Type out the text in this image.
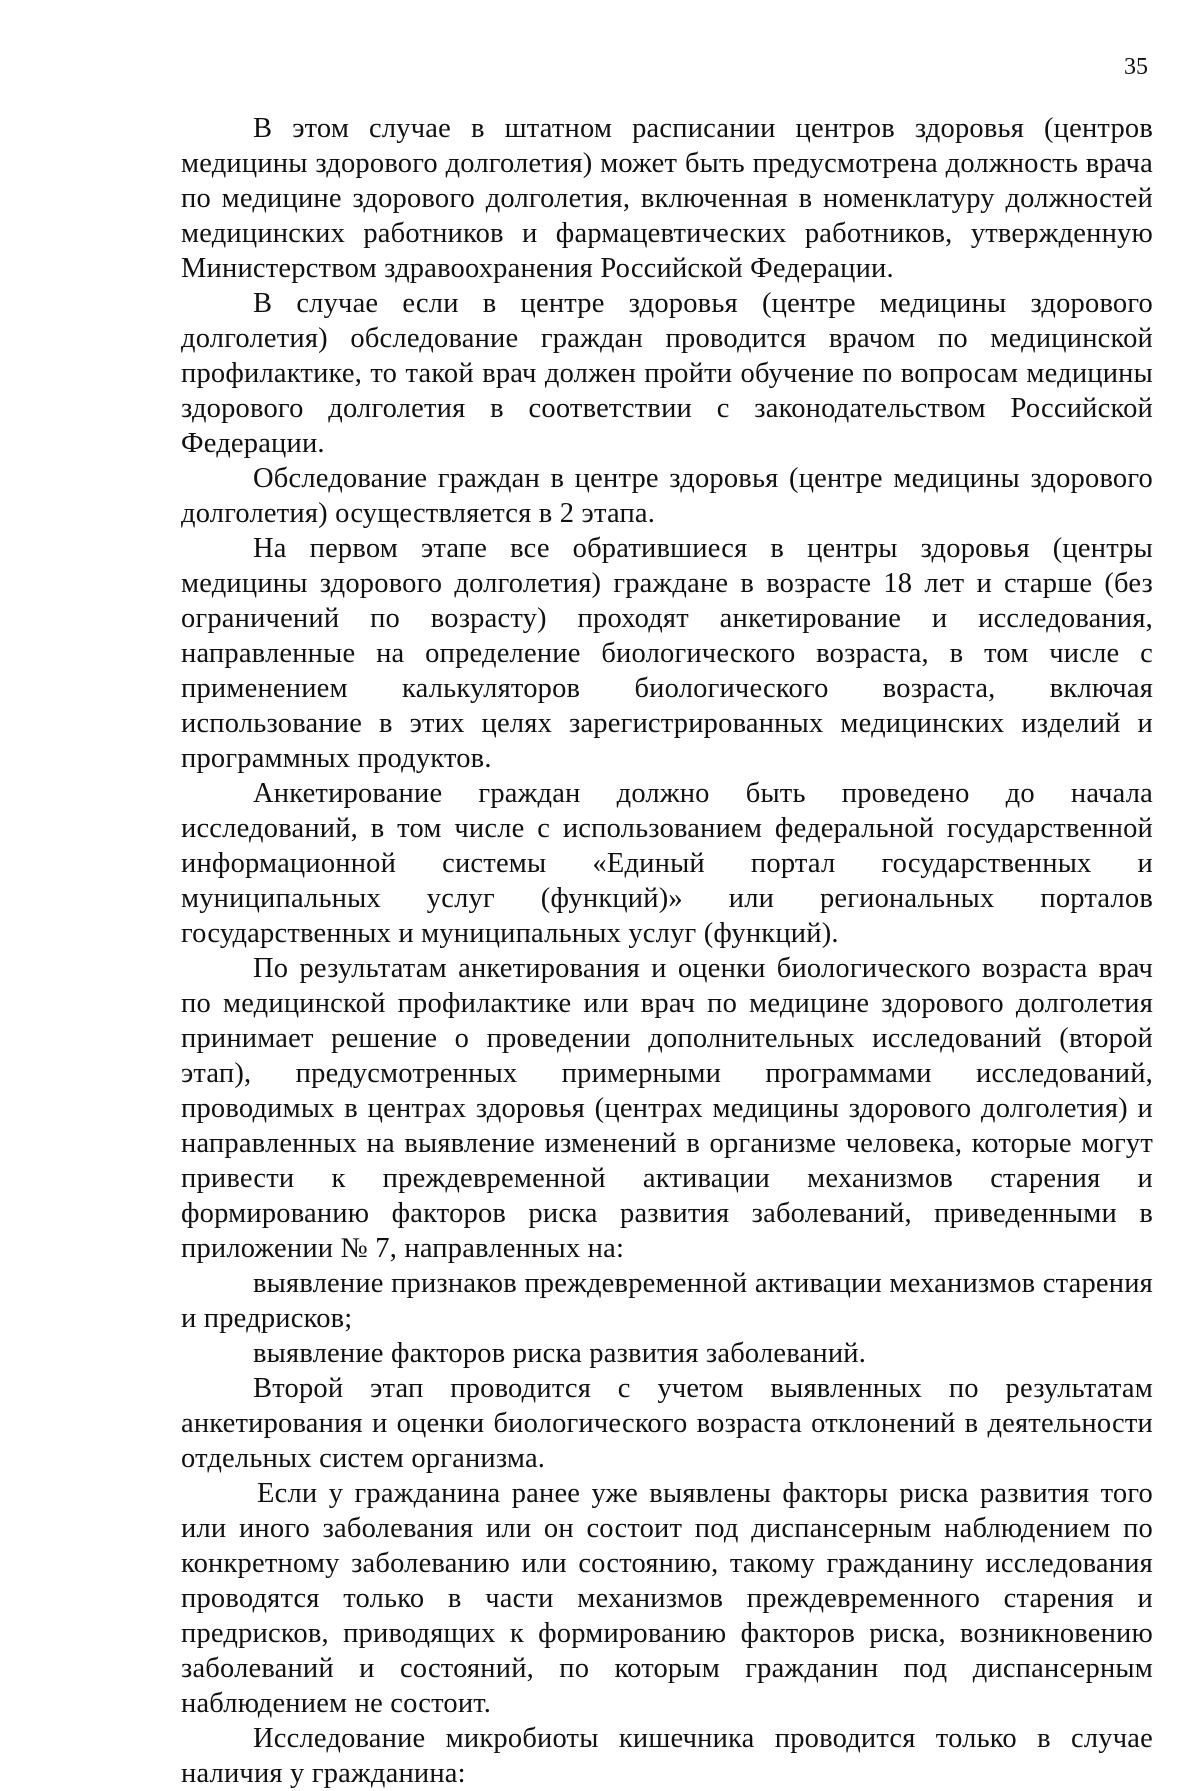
35

В этом случае в штатном расписании центров здоровья (центров медицины здорового долголетия) может быть предусмотрена должность врача по медицине здорового долголетия, включенная в номенклатуру должностей медицинских работников и фармацевтических работников, утвержденную Министерством здравоохранения Российской Федерации.

В случае если в центре здоровья (центре медицины здорового долголетия) обследование граждан проводится врачом по медицинской профилактике, то такой врач должен пройти обучение по вопросам медицины здорового долголетия в соответствии с законодательством Российской Федерации.

Обследование граждан в центре здоровья (центре медицины здорового долголетия) осуществляется в 2 этапа.

На первом этапе все обратившиеся в центры здоровья (центры медицины здорового долголетия) граждане в возрасте 18 лет и старше (без ограничений по возрасту) проходят анкетирование и исследования, направленные на определение биологического возраста, в том числе с применением калькуляторов биологического возраста, включая использование в этих целях зарегистрированных медицинских изделий и программных продуктов.

Анкетирование граждан должно быть проведено до начала исследований, в том числе с использованием федеральной государственной информационной системы «Единый портал государственных и муниципальных услуг (функций)» или региональных порталов государственных и муниципальных услуг (функций).

По результатам анкетирования и оценки биологического возраста врач по медицинской профилактике или врач по медицине здорового долголетия принимает решение о проведении дополнительных исследований (второй этап), предусмотренных примерными программами исследований, проводимых в центрах здоровья (центрах медицины здорового долголетия) и направленных на выявление изменений в организме человека, которые могут привести к преждевременной активации механизмов старения и формированию факторов риска развития заболеваний, приведенными в приложении № 7, направленных на:

выявление признаков преждевременной активации механизмов старения и предрисков;

выявление факторов риска развития заболеваний.

Второй этап проводится с учетом выявленных по результатам анкетирования и оценки биологического возраста отклонений в деятельности отдельных систем организма.

Если у гражданина ранее уже выявлены факторы риска развития того или иного заболевания или он состоит под диспансерным наблюдением по конкретному заболеванию или состоянию, такому гражданину исследования проводятся только в части механизмов преждевременного старения и предрисков, приводящих к формированию факторов риска, возникновению заболеваний и состояний, по которым гражданин под диспансерным наблюдением не состоит.

Исследование микробиоты кишечника проводится только в случае наличия у гражданина:
